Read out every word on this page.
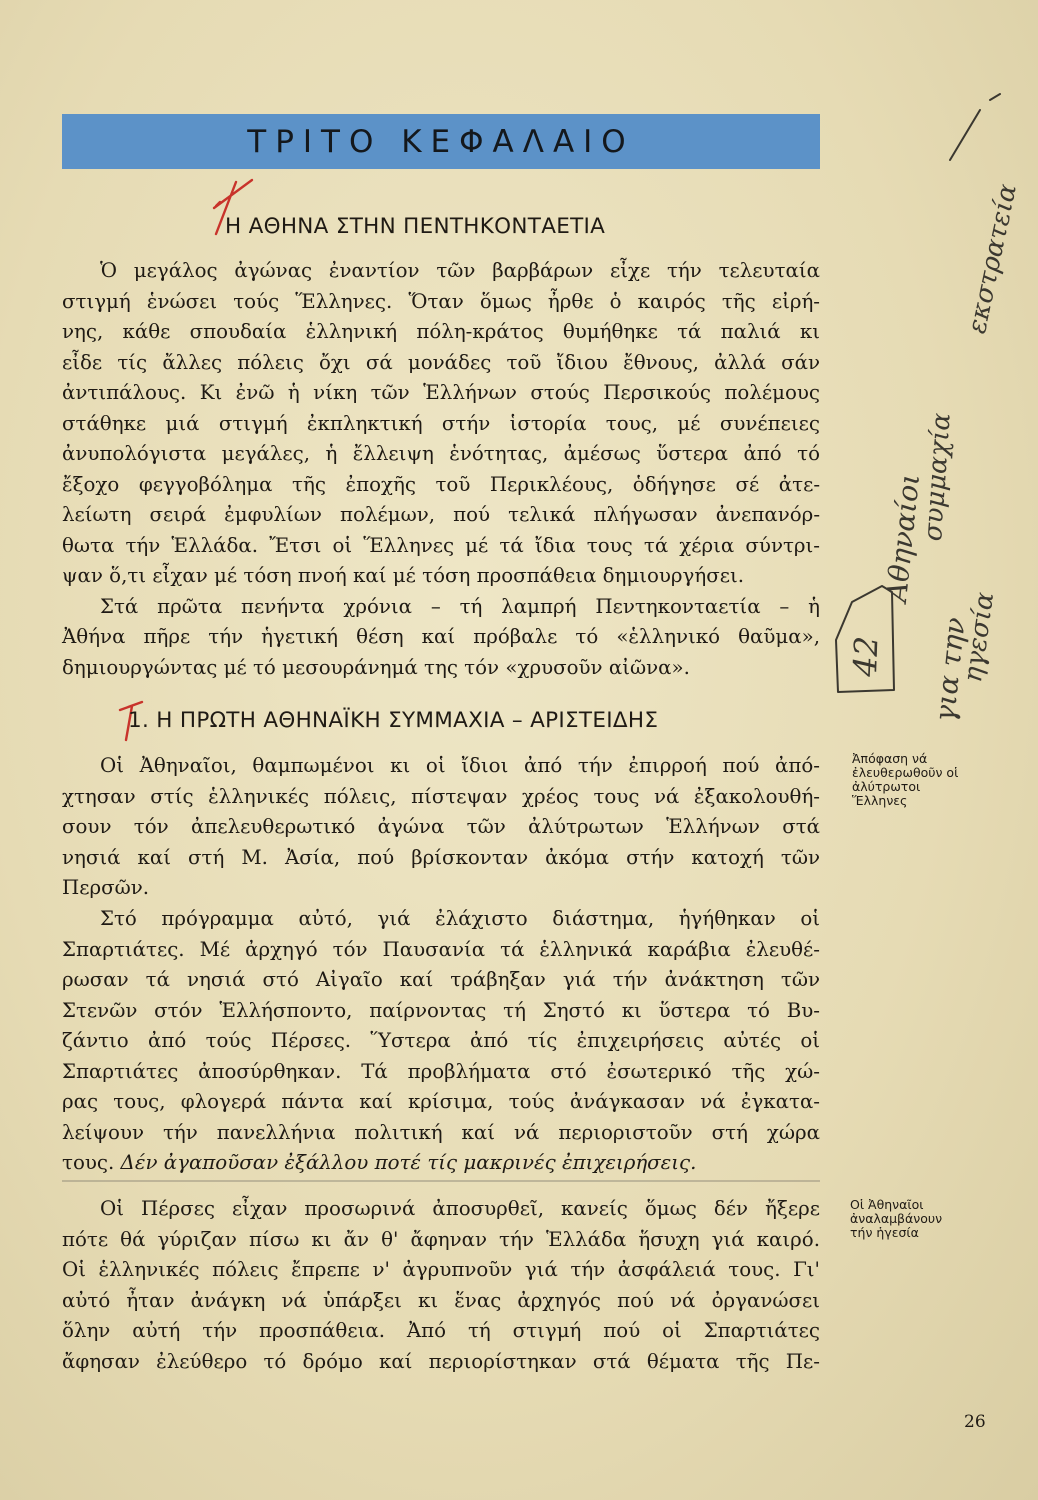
ΤΡΙΤΟ ΚΕΦΑΛΑΙΟ
Η ΑΘΗΝΑ ΣΤΗΝ ΠΕΝΤΗΚΟΝΤΑΕΤΙΑ
Ὁ μεγάλος ἀγώνας ἐναντίον τῶν βαρβάρων εἶχε τήν τελευταία
στιγμή ἑνώσει τούς Ἕλληνες. Ὅταν ὅμως ἦρθε ὁ καιρός τῆς εἰρή-
νης, κάθε σπουδαία ἑλληνική πόλη-κράτος θυμήθηκε τά παλιά κι
εἶδε τίς ἄλλες πόλεις ὄχι σά μονάδες τοῦ ἴδιου ἔθνους, ἀλλά σάν
ἀντιπάλους. Κι ἐνῶ ἡ νίκη τῶν Ἑλλήνων στούς Περσικούς πολέμους
στάθηκε μιά στιγμή ἐκπληκτική στήν ἱστορία τους, μέ συνέπειες
ἀνυπολόγιστα μεγάλες, ἡ ἔλλειψη ἑνότητας, ἀμέσως ὕστερα ἀπό τό
ἔξοχο φεγγοβόλημα τῆς ἐποχῆς τοῦ Περικλέους, ὁδήγησε σέ ἀτε-
λείωτη σειρά ἐμφυλίων πολέμων, πού τελικά πλήγωσαν ἀνεπανόρ-
θωτα τήν Ἑλλάδα. Ἔτσι οἱ Ἕλληνες μέ τά ἴδια τους τά χέρια σύντρι-
ψαν ὅ,τι εἶχαν μέ τόση πνοή καί μέ τόση προσπάθεια δημιουργήσει.
Στά πρῶτα πενήντα χρόνια – τή λαμπρή Πεντηκονταετία – ἡ
Ἀθήνα πῆρε τήν ἡγετική θέση καί πρόβαλε τό «ἑλληνικό θαῦμα»,
δημιουργώντας μέ τό μεσουράνημά της τόν «χρυσοῦν αἰῶνα».
1. Η ΠΡΩΤΗ ΑΘΗΝΑΪΚΗ ΣΥΜΜΑΧΙΑ – ΑΡΙΣΤΕΙΔΗΣ
Οἱ Ἀθηναῖοι, θαμπωμένοι κι οἱ ἴδιοι ἀπό τήν ἐπιρροή πού ἀπό-
χτησαν στίς ἑλληνικές πόλεις, πίστεψαν χρέος τους νά ἐξακολουθή-
σουν τόν ἀπελευθερωτικό ἀγώνα τῶν ἀλύτρωτων Ἑλλήνων στά
νησιά καί στή Μ. Ἀσία, πού βρίσκονταν ἀκόμα στήν κατοχή τῶν
Περσῶν.
Στό πρόγραμμα αὐτό, γιά ἐλάχιστο διάστημα, ἡγήθηκαν οἱ
Σπαρτιάτες. Μέ ἀρχηγό τόν Παυσανία τά ἑλληνικά καράβια ἐλευθέ-
ρωσαν τά νησιά στό Αἰγαῖο καί τράβηξαν γιά τήν ἀνάκτηση τῶν
Στενῶν στόν Ἑλλήσποντο, παίρνοντας τή Σηστό κι ὕστερα τό Βυ-
ζάντιο ἀπό τούς Πέρσες. Ὕστερα ἀπό τίς ἐπιχειρήσεις αὐτές οἱ
Σπαρτιάτες ἀποσύρθηκαν. Τά προβλήματα στό ἐσωτερικό τῆς χώ-
ρας τους, φλογερά πάντα καί κρίσιμα, τούς ἀνάγκασαν νά ἐγκατα-
λείψουν τήν πανελλήνια πολιτική καί νά περιοριστοῦν στή χώρα
τους. Δέν ἀγαποῦσαν ἐξάλλου ποτέ τίς μακρινές ἐπιχειρήσεις.
Οἱ Πέρσες εἶχαν προσωρινά ἀποσυρθεῖ, κανείς ὅμως δέν ἤξερε
πότε θά γύριζαν πίσω κι ἄν θ' ἄφηναν τήν Ἑλλάδα ἥσυχη γιά καιρό.
Οἱ ἑλληνικές πόλεις ἔπρεπε ν' ἀγρυπνοῦν γιά τήν ἀσφάλειά τους. Γι'
αὐτό ἦταν ἀνάγκη νά ὑπάρξει κι ἕνας ἀρχηγός πού νά ὀργανώσει
ὅλην αὐτή τήν προσπάθεια. Ἀπό τή στιγμή πού οἱ Σπαρτιάτες
ἄφησαν ἐλεύθερο τό δρόμο καί περιορίστηκαν στά θέματα τῆς Πε-
Ἀπόφαση νά
ἐλευθερωθοῦν οἱ
ἀλύτρωτοι
Ἕλληνες
Οἱ Ἀθηναῖοι
ἀναλαμβάνουν
τήν ἡγεσία
26
42
Αθηναίοι
για την
ηγεσία
συμμαχία
εκστρατεία
